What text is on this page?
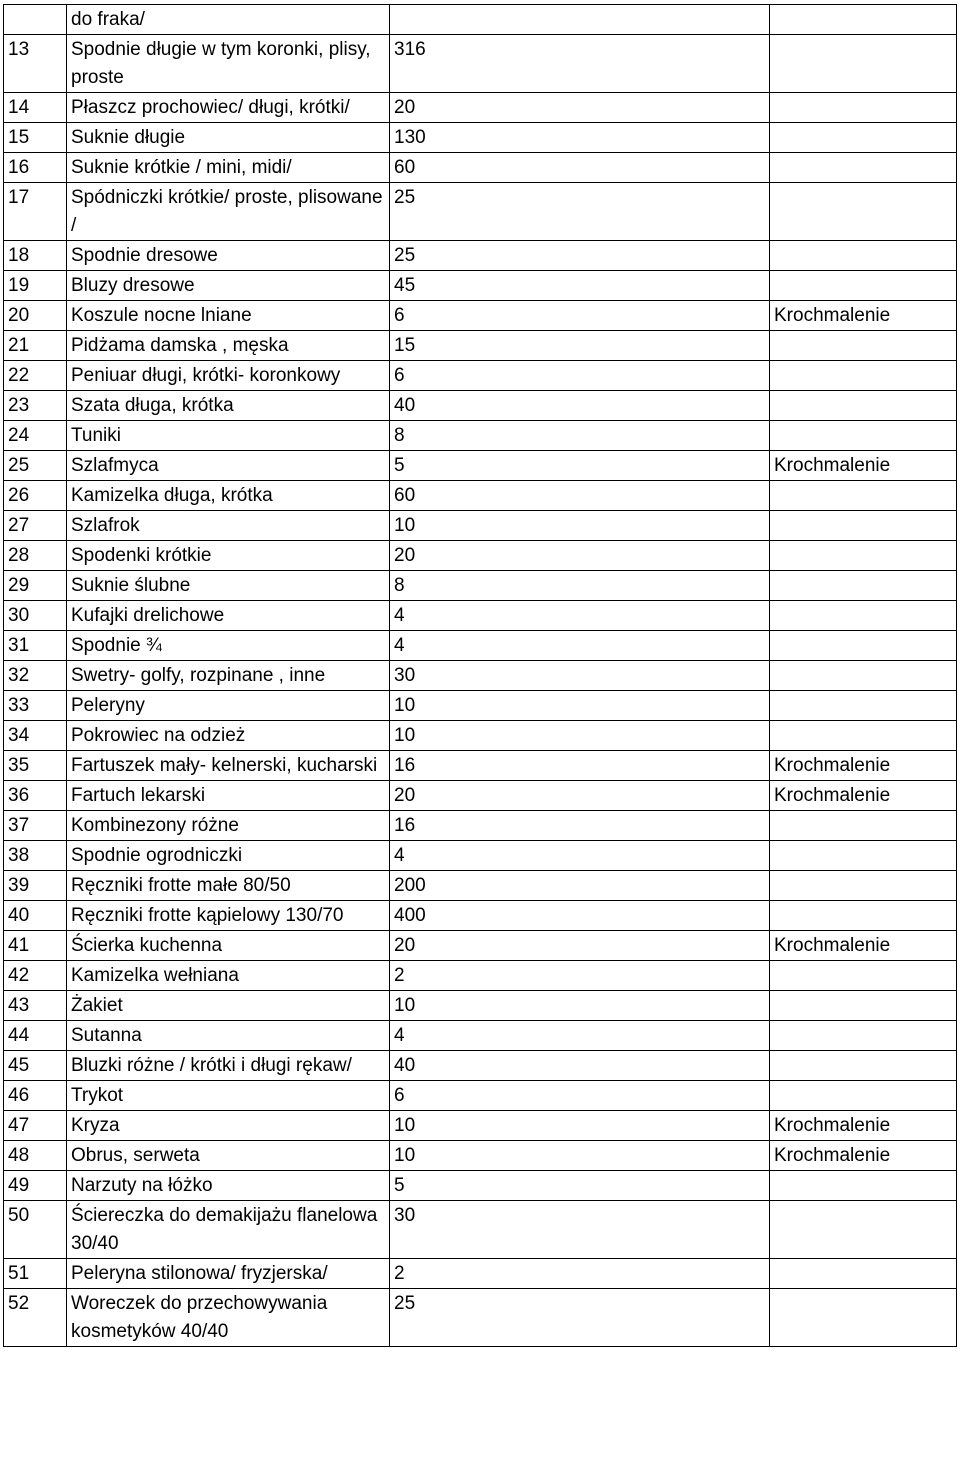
	do fraka/		
13	Spodnie długie w tym koronki, plisy, proste	316	
14	Płaszcz prochowiec/ długi, krótki/	20	
15	Suknie długie	130	
16	Suknie krótkie / mini, midi/	60	
17	Spódniczki krótkie/ proste, plisowane /	25	
18	Spodnie dresowe	25	
19	Bluzy dresowe	45	
20	Koszule nocne lniane	6	Krochmalenie
21	Pidżama damska , męska	15	
22	Peniuar długi, krótki- koronkowy	6	
23	Szata długa, krótka	40	
24	Tuniki	8	
25	Szlafmyca	5	Krochmalenie
26	Kamizelka długa, krótka	60	
27	Szlafrok	10	
28	Spodenki krótkie	20	
29	Suknie ślubne	8	
30	Kufajki drelichowe	4	
31	Spodnie ¾	4	
32	Swetry- golfy, rozpinane , inne	30	
33	Peleryny	10	
34	Pokrowiec na odzież	10	
35	Fartuszek mały- kelnerski, kucharski	16	Krochmalenie
36	Fartuch lekarski	20	Krochmalenie
37	Kombinezony różne	16	
38	Spodnie ogrodniczki	4	
39	Ręczniki frotte małe 80/50	200	
40	Ręczniki frotte kąpielowy 130/70	400	
41	Ścierka kuchenna	20	Krochmalenie
42	Kamizelka wełniana	2	
43	Żakiet	10	
44	Sutanna	4	
45	Bluzki różne / krótki i długi rękaw/	40	
46	Trykot	6	
47	Kryza	10	Krochmalenie
48	Obrus, serweta	10	Krochmalenie
49	Narzuty na łóżko	5	
50	Ściereczka do demakijażu flanelowa 30/40	30	
51	Peleryna stilonowa/ fryzjerska/	2	
52	Woreczek do przechowywania kosmetyków 40/40	25	
